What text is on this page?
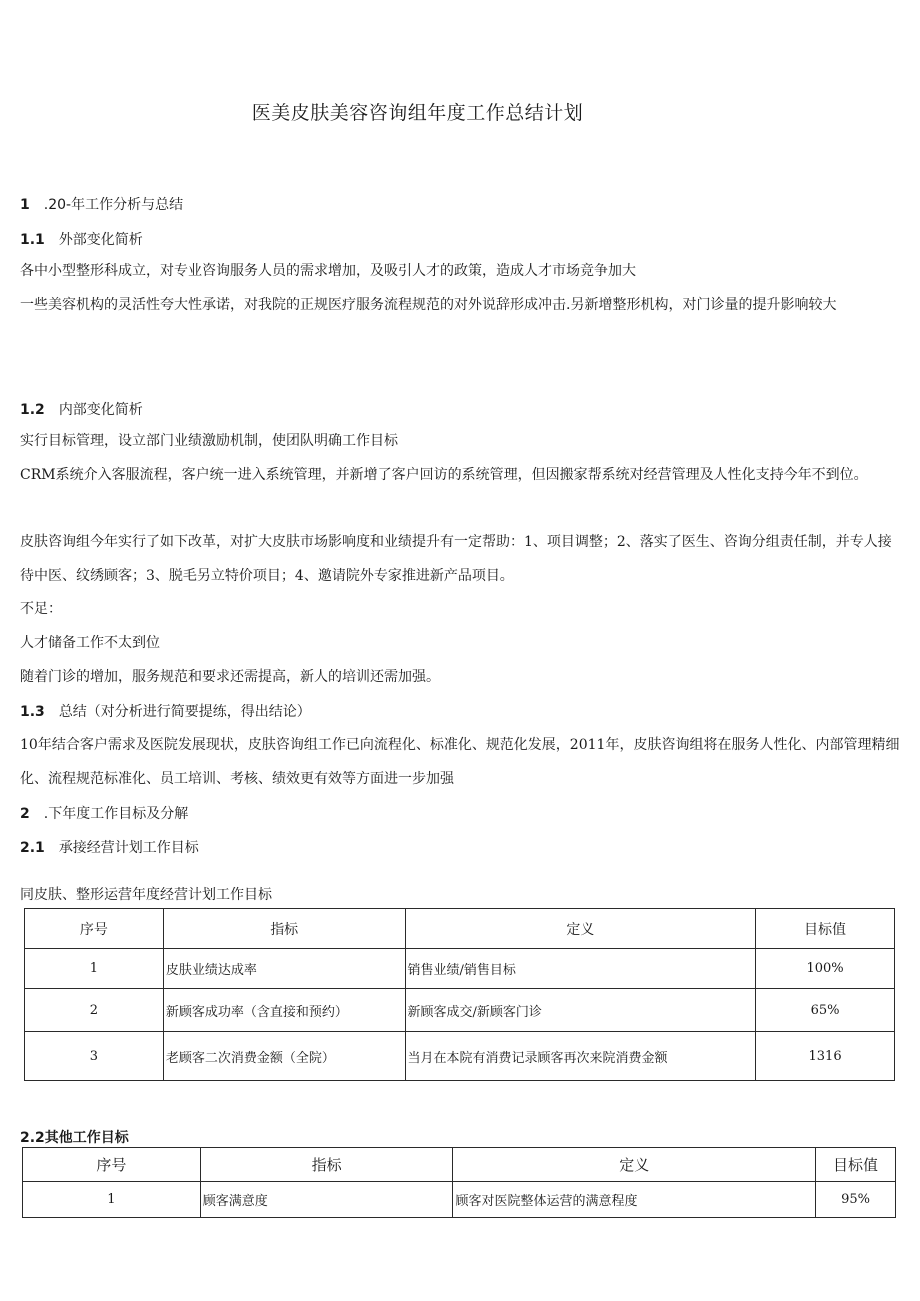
医美皮肤美容咨询组年度工作总结计划
1 .20-年工作分析与总结
1.1 外部变化简析
各中小型整形科成立，对专业咨询服务人员的需求增加，及吸引人才的政策，造成人才市场竞争加大
一些美容机构的灵活性夸大性承诺，对我院的正规医疗服务流程规范的对外说辞形成冲击.另新增整形机构，对门诊量的提升影响较大
1.2 内部变化简析
实行目标管理，设立部门业绩激励机制，使团队明确工作目标
CRM系统介入客服流程，客户统一进入系统管理，并新增了客户回访的系统管理，但因搬家帮系统对经营管理及人性化支持今年不到位。
皮肤咨询组今年实行了如下改革，对扩大皮肤市场影响度和业绩提升有一定帮助：1、项目调整；2、落实了医生、咨询分组责任制，并专人接待中医、纹绣顾客；3、脱毛另立特价项目；4、邀请院外专家推进新产品项目。
不足：
人才储备工作不太到位
随着门诊的增加，服务规范和要求还需提高，新人的培训还需加强。
1.3 总结（对分析进行简要提练，得出结论）
10年结合客户需求及医院发展现状，皮肤咨询组工作已向流程化、标准化、规范化发展，2011年，皮肤咨询组将在服务人性化、内部管理精细化、流程规范标准化、员工培训、考核、绩效更有效等方面进一步加强
2 .下年度工作目标及分解
2.1 承接经营计划工作目标
同皮肤、整形运营年度经营计划工作目标
序号	指标	定义	目标值
1	皮肤业绩达成率	销售业绩/销售目标	100%
2	新顾客成功率（含直接和预约）	新顾客成交/新顾客门诊	65%
3	老顾客二次消费金额（全院）	当月在本院有消费记录顾客再次来院消费金额	1316
2.2其他工作目标
序号	指标	定义	目标值
1	顾客满意度	顾客对医院整体运营的满意程度	95%
